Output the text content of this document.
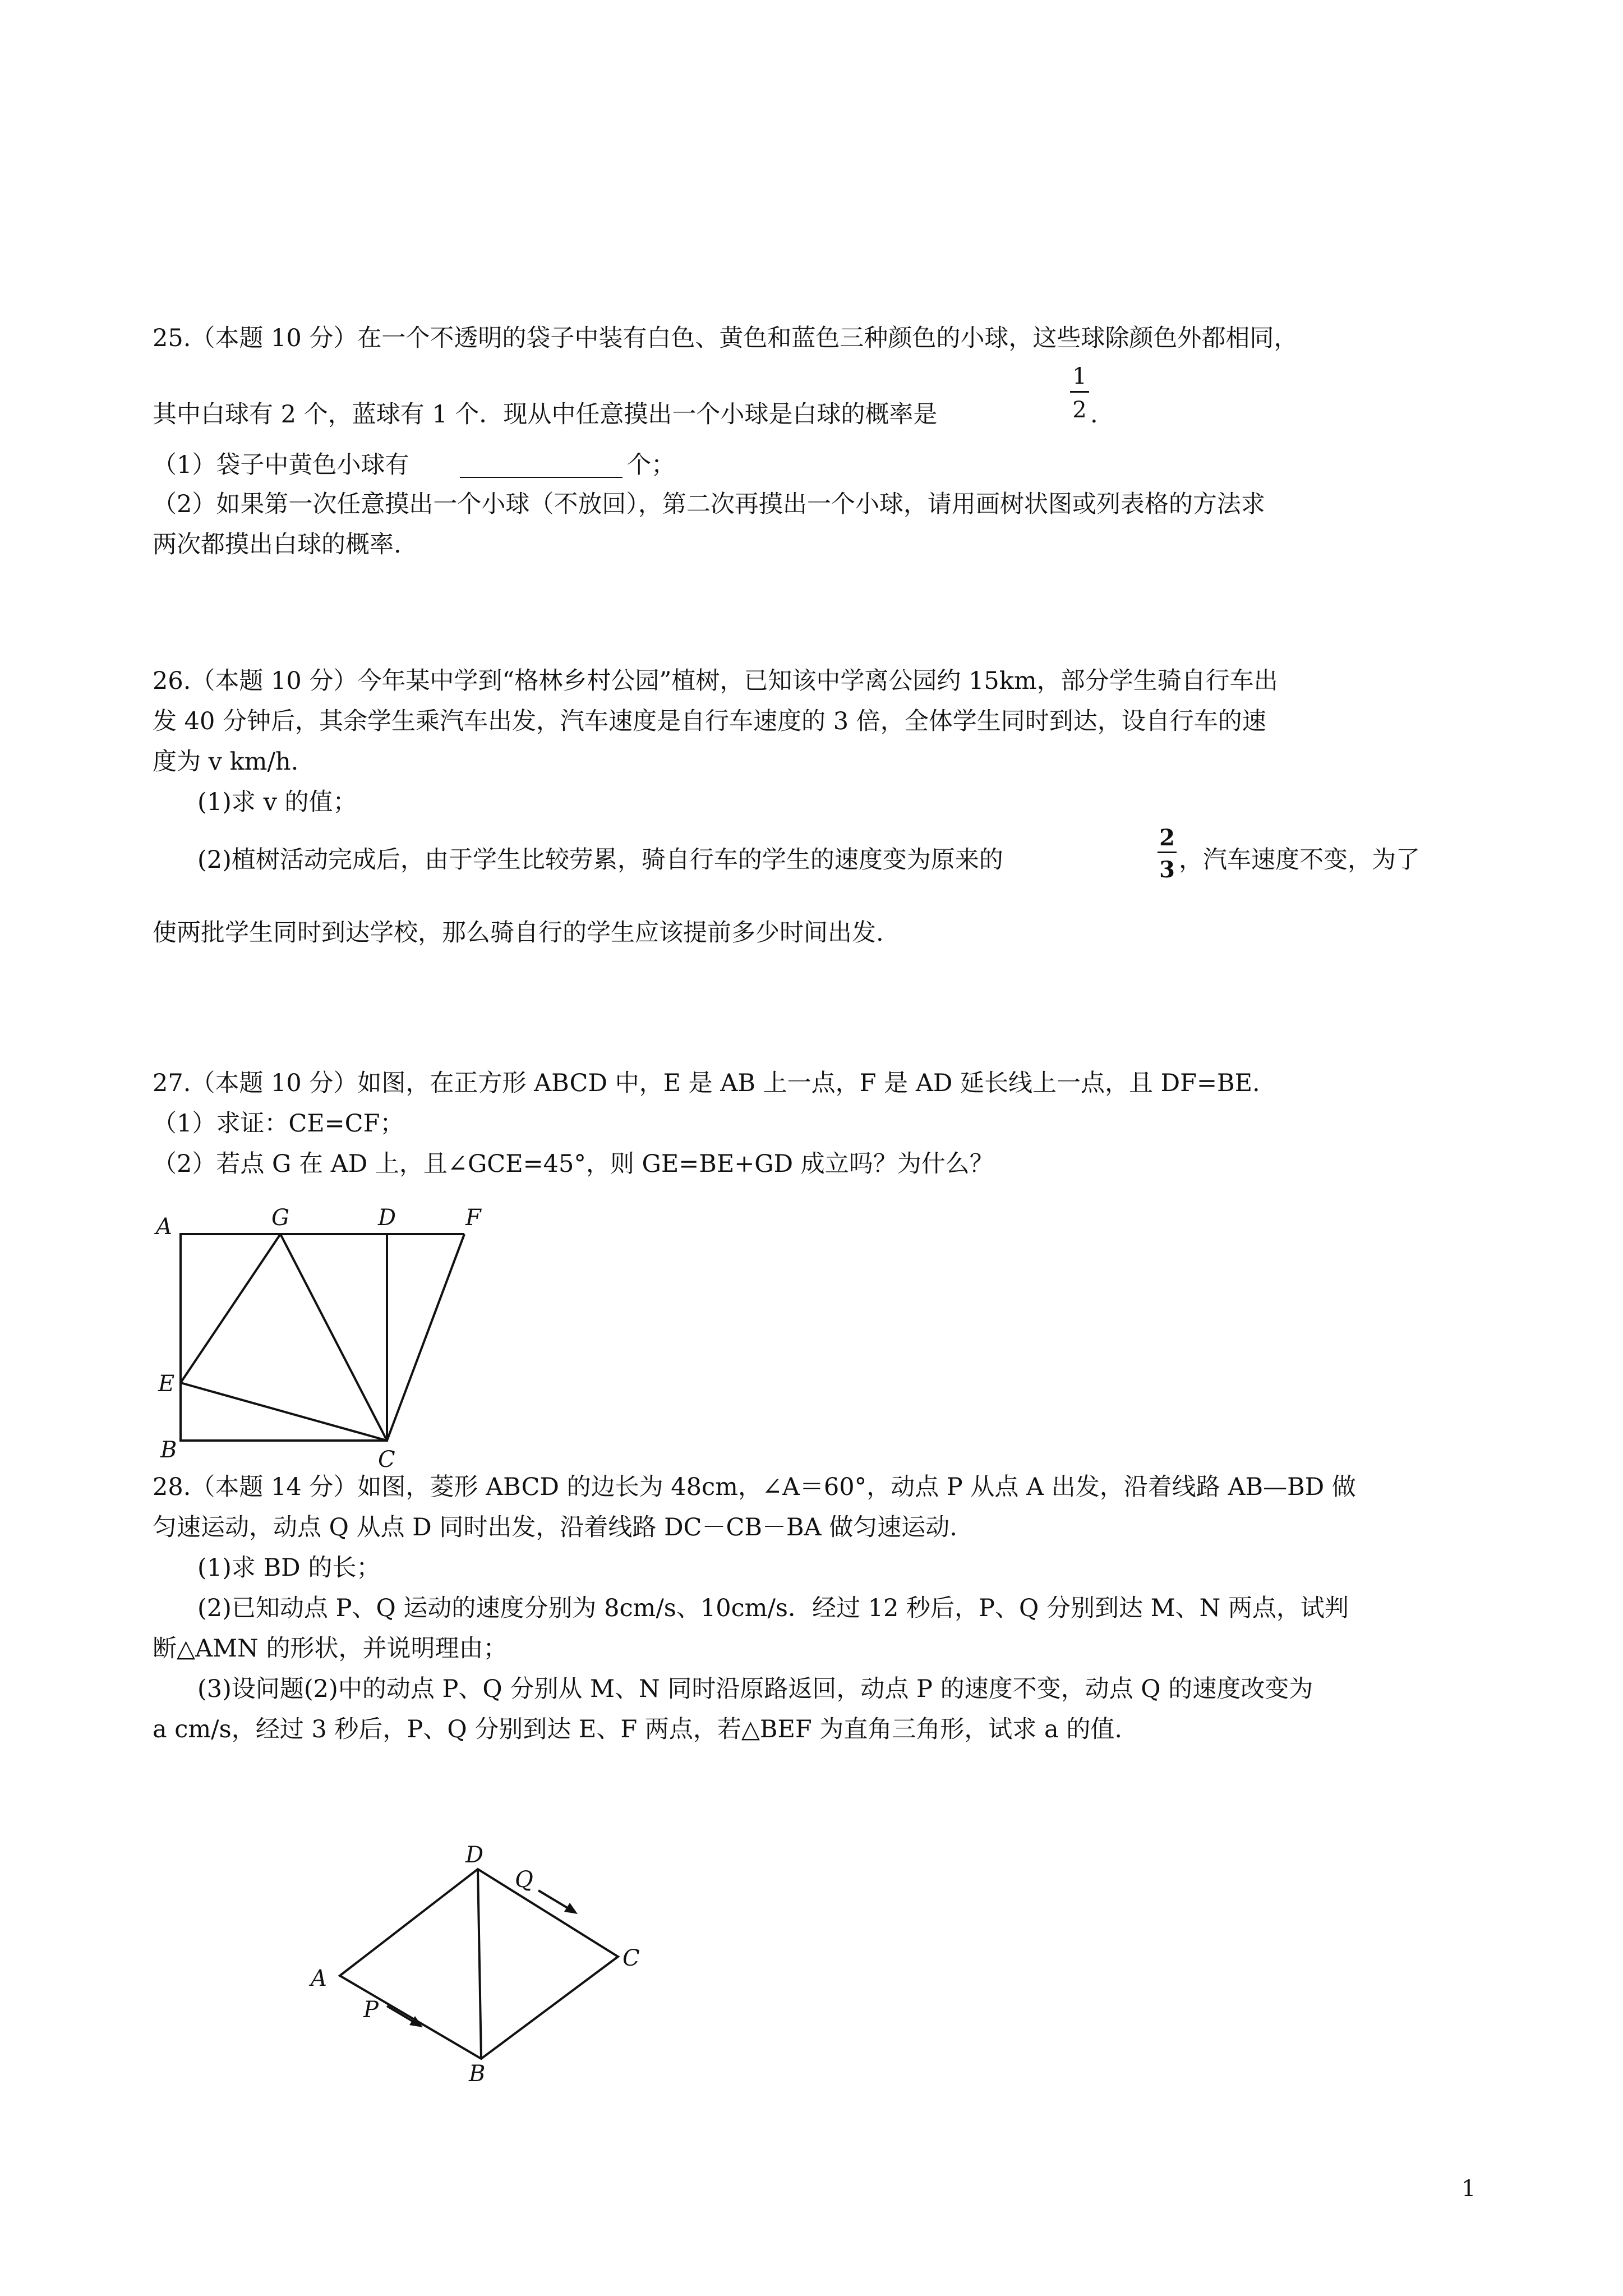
25.（本题 10 分）在一个不透明的袋子中装有白色、黄色和蓝色三种颜色的小球，这些球除颜色外都相同，
其中白球有 2 个，蓝球有 1 个．现从中任意摸出一个小球是白球的概率是
1
2 .
（1）袋子中黄色小球有	个；
（2）如果第一次任意摸出一个小球（不放回），第二次再摸出一个小球，请用画树状图或列表格的方法求
两次都摸出白球的概率.
26.（本题 10 分）今年某中学到“格林乡村公园”植树，已知该中学离公园约 15km，部分学生骑自行车出
发 40 分钟后，其余学生乘汽车出发，汽车速度是自行车速度的 3 倍，全体学生同时到达，设自行车的速
度为 v km/h.
(1)求 v 的值；
(2)植树活动完成后，由于学生比较劳累，骑自行车的学生的速度变为原来的
2
3 ，汽车速度不变，为了
使两批学生同时到达学校，那么骑自行的学生应该提前多少时间出发.
27.（本题 10 分）如图，在正方形 ABCD 中，E 是 AB 上一点，F 是 AD 延长线上一点，且 DF=BE.
（1）求证：CE=CF；
（2）若点 G 在 AD 上，且∠GCE=45°，则 GE=BE+GD 成立吗？为什么？
A	G	D	F
E
B	C
28.（本题 14 分）如图，菱形 ABCD 的边长为 48cm，∠A＝60°，动点 P 从点 A 出发，沿着线路 AB—BD 做
匀速运动，动点 Q 从点 D 同时出发，沿着线路 DC－CB－BA 做匀速运动.
(1)求 BD 的长；
(2)已知动点 P、Q 运动的速度分别为 8cm/s、10cm/s．经过 12 秒后，P、Q 分别到达 M、N 两点，试判
断△AMN 的形状，并说明理由；
(3)设问题(2)中的动点 P、Q 分别从 M、N 同时沿原路返回，动点 P 的速度不变，动点 Q 的速度改变为
a cm/s，经过 3 秒后，P、Q 分别到达 E、F 两点，若△BEF 为直角三角形，试求 a 的值.
A
D
C
B
P
Q
1
